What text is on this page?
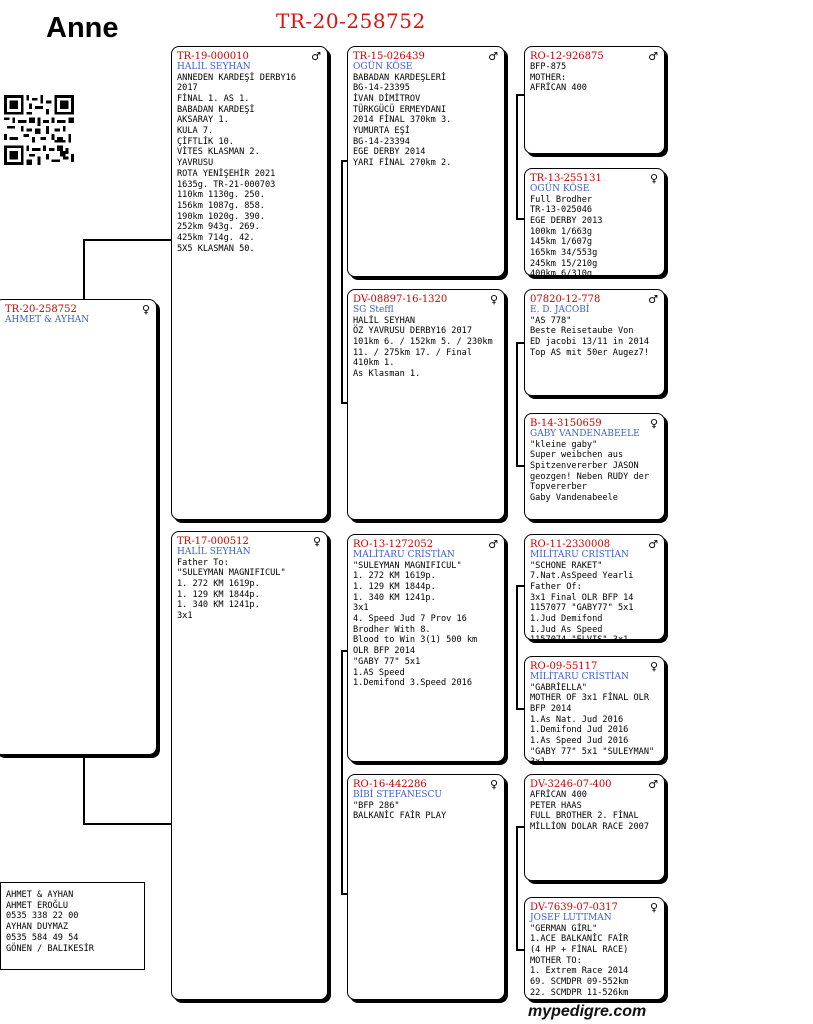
Anne	TR-20-258752
♀
TR-20-258752
AHMET & AYHAN
♂
TR-19-000010
HALİL SEYHAN
ANNEDEN KARDEŞİ DERBY16
2017
FİNAL 1. AS 1.
BABADAN KARDEŞİ
AKSARAY 1.
KULA 7.
ÇİFTLİK 10.
VİTES KLASMAN 2.
YAVRUSU
ROTA YENİŞEHİR 2021
1635g. TR-21-000703
110km 1130g. 250.
156km 1087g. 858.
190km 1020g. 390.
252km 943g. 269.
425km 714g. 42.
5X5 KLASMAN 50.
♀
TR-17-000512
HALİL SEYHAN
Father To:
"SULEYMAN MAGNIFICUL"
1. 272 KM 1619p.
1. 129 KM 1844p.
1. 340 KM 1241p.
3x1
♂
TR-15-026439
OGÜN KÖSE
BABADAN KARDEŞLERİ
BG-14-23395
İVAN DİMİTROV
TÜRKGÜCÜ ERMEYDANI
2014 FİNAL 370km 3.
YUMURTA EŞİ
BG-14-23394
EGE DERBY 2014
YARI FİNAL 270km 2.
♀
DV-08897-16-1320
SG Steffl
HALİL SEYHAN
ÖZ YAVRUSU DERBY16 2017
101km 6. / 152km 5. / 230km
11. / 275km 17. / Final
410km 1.
As Klasman 1.
♂
RO-13-1272052
MALİTARU CRİSTİAN
"SULEYMAN MAGNIFICUL"
1. 272 KM 1619p.
1. 129 KM 1844p.
1. 340 KM 1241p.
3x1
4. Speed Jud 7 Prov 16
Brodher With 8.
Blood to Win 3(1) 500 km
OLR BFP 2014
"GABY 77" 5x1
1.AS Speed
1.Demifond 3.Speed 2016
♀
RO-16-442286
BİBİ STEFANESCU
"BFP 286"
BALKANİC FAİR PLAY
♂
RO-12-926875
BFP-875
MOTHER:
AFRİCAN 400
♀
TR-13-255131
OGÜN KÖSE
Full Brodher
TR-13-025046
EGE DERBY 2013
100km 1/663g
145km 1/607g
165km 34/553g
245km 15/210g
400km 6/310g
♂
07820-12-778
E. D. JACOBİ
"AS 778"
Beste Reisetaube Von
ED jacobi 13/11 in 2014
Top AS mit 50er Augez7!
♀
B-14-3150659
GABY VANDENABEELE
"kleine gaby"
Super weibchen aus
Spitzenvererber JASON
geozgen! Neben RUDY der
Topvererber
Gaby Vandenabeele
♂
RO-11-2330008
MİLİTARU CRİSTİAN
"SCHONE RAKET"
7.Nat.AsSpeed Yearli
Father Of:
3x1 Final OLR BFP 14
1157077 "GABY77" 5x1
1.Jud Demifond
1.Jud As Speed
1157074 "ELVIS" 3x1
♀
RO-09-55117
MİLİTARU CRİSTİAN
"GABRİELLA"
MOTHER OF 3x1 FİNAL OLR
BFP 2014
1.As Nat. Jud 2016
1.Demifond Jud 2016
1.As Speed Jud 2016
"GABY 77" 5x1 "SULEYMAN"
3x1
♂
DV-3246-07-400
AFRİCAN 400
PETER HAAS
FULL BROTHER 2. FİNAL
MİLLİON DOLAR RACE 2007
♀
DV-7639-07-0317
JOSEF LUTTMAN
"GERMAN GİRL"
1.ACE BALKANİC FAİR
(4 HP + FİNAL RACE)
MOTHER TO:
1. Extrem Race 2014
69. SCMDPR 09-552km
22. SCMDPR 11-526km
AHMET & AYHAN
AHMET EROĞLU
0535 338 22 00
AYHAN DUYMAZ
0535 584 49 54
GÖNEN / BALIKESİR
mypedigre.com
